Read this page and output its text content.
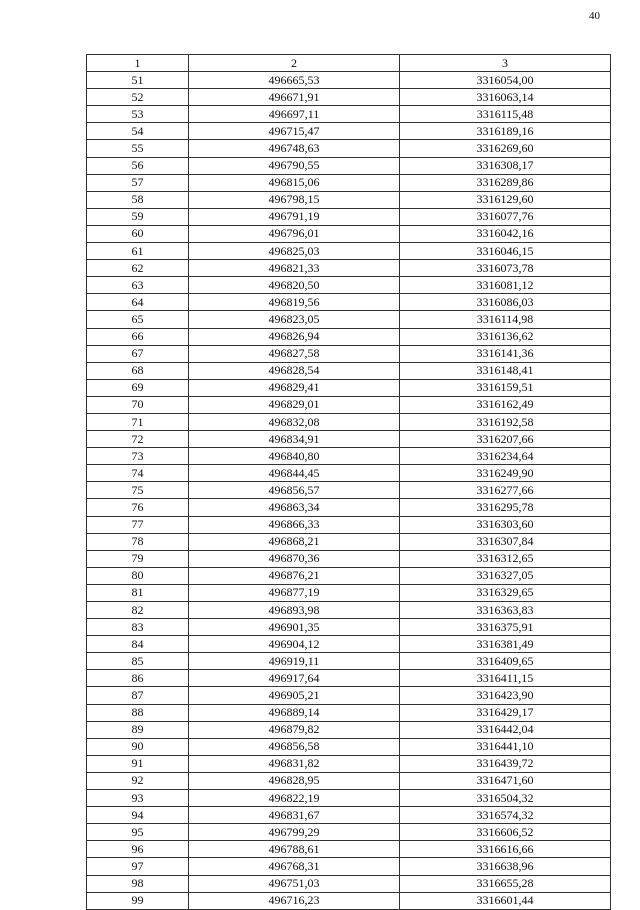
40
1	2	3
51	496665,53	3316054,00
52	496671,91	3316063,14
53	496697,11	3316115,48
54	496715,47	3316189,16
55	496748,63	3316269,60
56	496790,55	3316308,17
57	496815,06	3316289,86
58	496798,15	3316129,60
59	496791,19	3316077,76
60	496796,01	3316042,16
61	496825,03	3316046,15
62	496821,33	3316073,78
63	496820,50	3316081,12
64	496819,56	3316086,03
65	496823,05	3316114,98
66	496826,94	3316136,62
67	496827,58	3316141,36
68	496828,54	3316148,41
69	496829,41	3316159,51
70	496829,01	3316162,49
71	496832,08	3316192,58
72	496834,91	3316207,66
73	496840,80	3316234,64
74	496844,45	3316249,90
75	496856,57	3316277,66
76	496863,34	3316295,78
77	496866,33	3316303,60
78	496868,21	3316307,84
79	496870,36	3316312,65
80	496876,21	3316327,05
81	496877,19	3316329,65
82	496893,98	3316363,83
83	496901,35	3316375,91
84	496904,12	3316381,49
85	496919,11	3316409,65
86	496917,64	3316411,15
87	496905,21	3316423,90
88	496889,14	3316429,17
89	496879,82	3316442,04
90	496856,58	3316441,10
91	496831,82	3316439,72
92	496828,95	3316471,60
93	496822,19	3316504,32
94	496831,67	3316574,32
95	496799,29	3316606,52
96	496788,61	3316616,66
97	496768,31	3316638,96
98	496751,03	3316655,28
99	496716,23	3316601,44
